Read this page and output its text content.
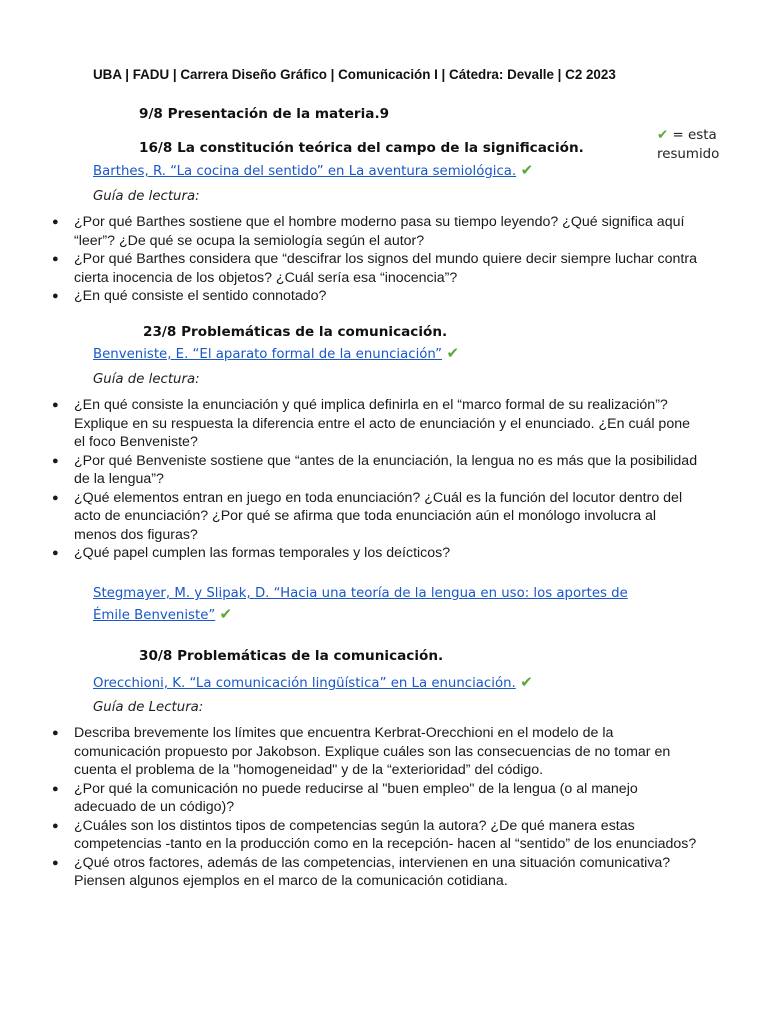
UBA | FADU | Carrera Diseño Gráfico | Comunicación I | Cátedra: Devalle | C2 2023
✔ = esta resumido
9/8 Presentación de la materia.9
16/8 La constitución teórica del campo de la significación.
Barthes, R. “La cocina del sentido” en La aventura semiológica. ✔
Guía de lectura:
● ¿Por qué Barthes sostiene que el hombre moderno pasa su tiempo leyendo? ¿Qué significa aquí “leer”? ¿De qué se ocupa la semiología según el autor?
● ¿Por qué Barthes considera que “descifrar los signos del mundo quiere decir siempre luchar contra cierta inocencia de los objetos? ¿Cuál sería esa “inocencia”?
● ¿En qué consiste el sentido connotado?
23/8 Problemáticas de la comunicación.
Benveniste, E. “El aparato formal de la enunciación” ✔
Guía de lectura:
● ¿En qué consiste la enunciación y qué implica definirla en el “marco formal de su realización”? Explique en su respuesta la diferencia entre el acto de enunciación y el enunciado. ¿En cuál pone el foco Benveniste?
● ¿Por qué Benveniste sostiene que “antes de la enunciación, la lengua no es más que la posibilidad de la lengua”?
● ¿Qué elementos entran en juego en toda enunciación? ¿Cuál es la función del locutor dentro del acto de enunciación? ¿Por qué se afirma que toda enunciación aún el monólogo involucra al menos dos figuras?
● ¿Qué papel cumplen las formas temporales y los deícticos?
Stegmayer, M. y Slipak, D. “Hacia una teoría de la lengua en uso: los aportes de Émile Benveniste” ✔
30/8 Problemáticas de la comunicación.
Orecchioni, K. “La comunicación lingüística” en La enunciación. ✔
Guía de Lectura:
● Describa brevemente los límites que encuentra Kerbrat-Orecchioni en el modelo de la comunicación propuesto por Jakobson. Explique cuáles son las consecuencias de no tomar en cuenta el problema de la "homogeneidad" y de la “exterioridad” del código.
● ¿Por qué la comunicación no puede reducirse al "buen empleo" de la lengua (o al manejo adecuado de un código)?
● ¿Cuáles son los distintos tipos de competencias según la autora? ¿De qué manera estas competencias -tanto en la producción como en la recepción- hacen al “sentido” de los enunciados?
● ¿Qué otros factores, además de las competencias, intervienen en una situación comunicativa? Piensen algunos ejemplos en el marco de la comunicación cotidiana.
